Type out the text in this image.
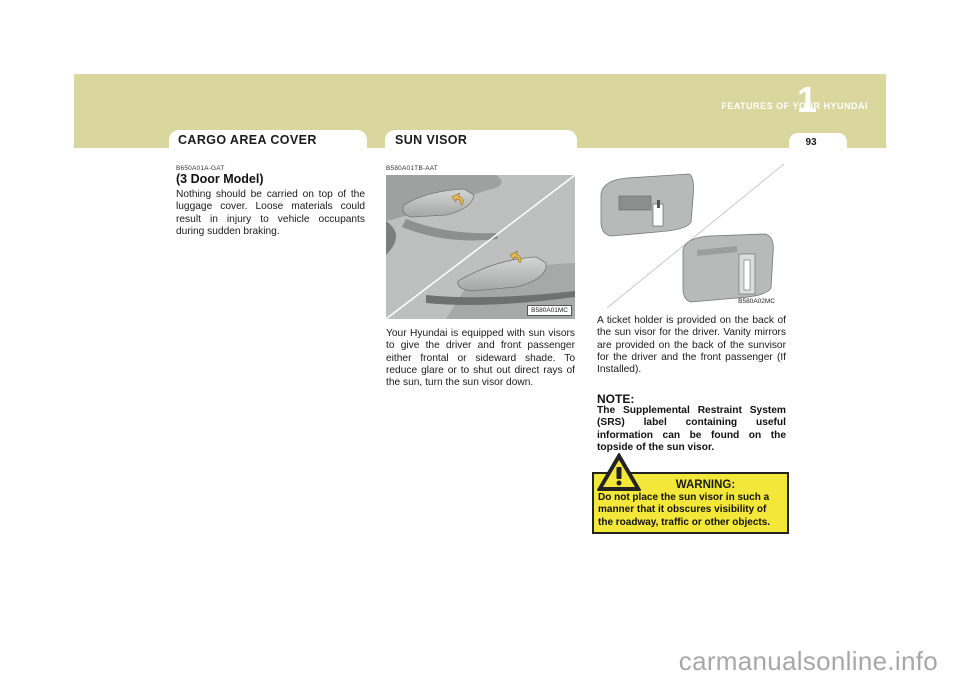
FEATURES OF YOUR HYUNDAI
1
93
CARGO AREA COVER	SUN VISOR
B650A01A-GAT
(3 Door Model)
Nothing should be carried on top of the luggage cover. Loose materials could result in injury to vehicle occupants during sudden braking.
B580A01TB-AAT
B580A01MC
Your Hyundai is equipped with sun visors to give the driver and front passenger either frontal or sideward shade. To reduce glare or to shut out direct rays of the sun, turn the sun visor down.
B580A02MC
A ticket holder is provided on the back of the sun visor for the driver. Vanity mirrors are provided on the back of the sunvisor for the driver and the front passenger (If Installed).
NOTE:
The Supplemental Restraint System (SRS) label containing useful information can be found on the topside of the sun visor.
WARNING:
Do not place the sun visor in such a manner that it obscures visibility of the roadway, traffic or other objects.
carmanualsonline.info
